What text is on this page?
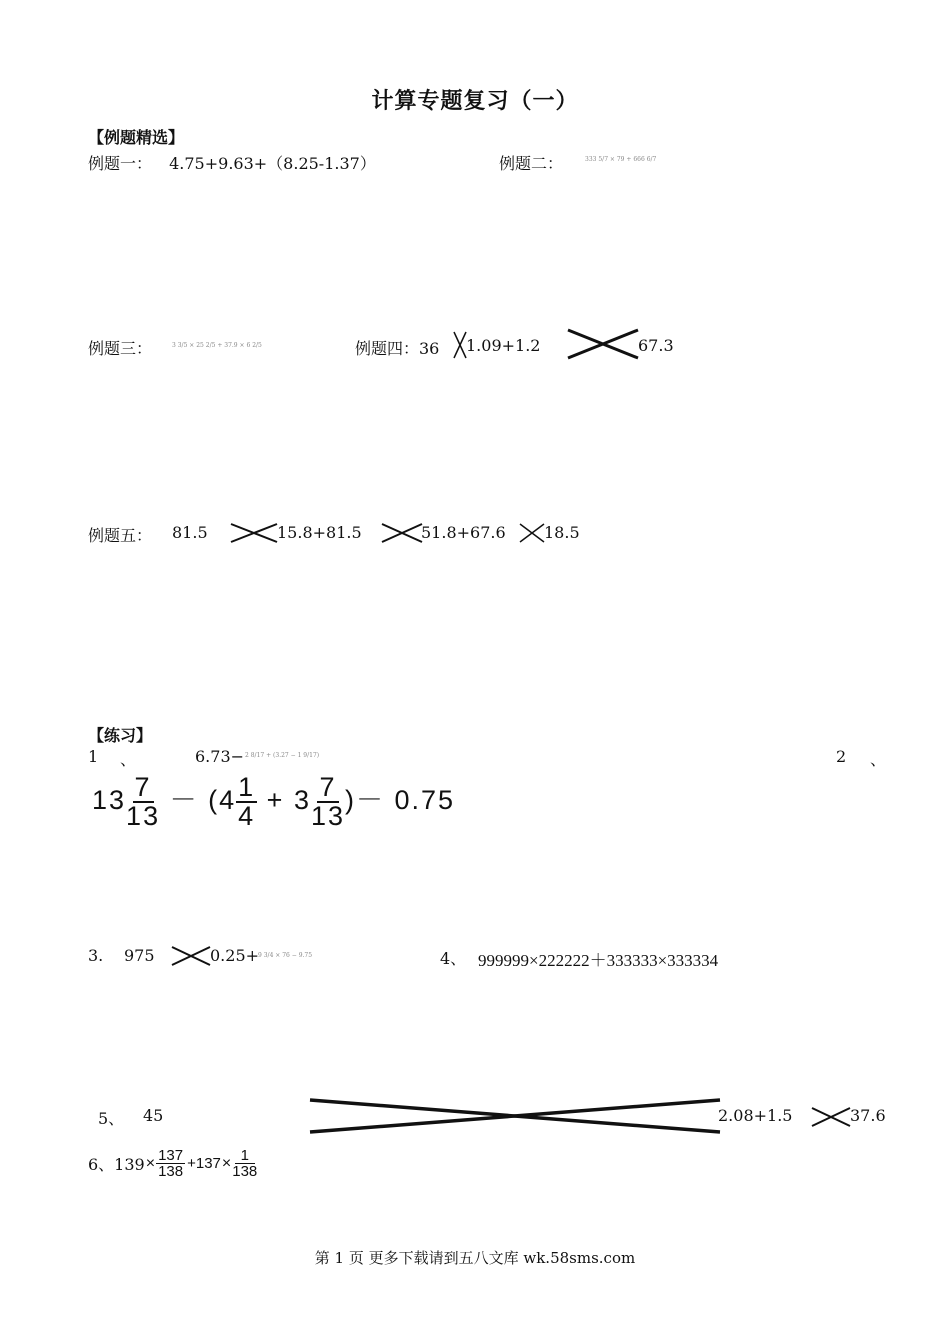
计算专题复习（一）
【例题精选】
例题一： 4.75+9.63+（8.25-1.37）	例题二：	333 5/7 × 79 + 666 6/7
例题三：	3 3/5 × 25 2/5 + 37.9 × 6 2/5	例题四：36 1.09+1.2	67.3
例题五： 81.5	15.8+81.5	51.8+67.6 18.5
【练习】
1 、	6.73− 2 8/17 + (3.27 − 1 9/17)	2 、
$13 \frac{7}{13} - (4 \frac{1}{4} + 3 \frac{7}{13}$ )－ 0.75
3. 975	0.25+
9 3/4 × 76 − 9.75	4、 999999×222222＋333333×333334
5、 45	2.08+1.5	37.6
6、$139 \times \frac{137}{138} +137 \times \frac{1}{138}$
第 1 页 更多下载请到五八文库 wk.58sms.com
